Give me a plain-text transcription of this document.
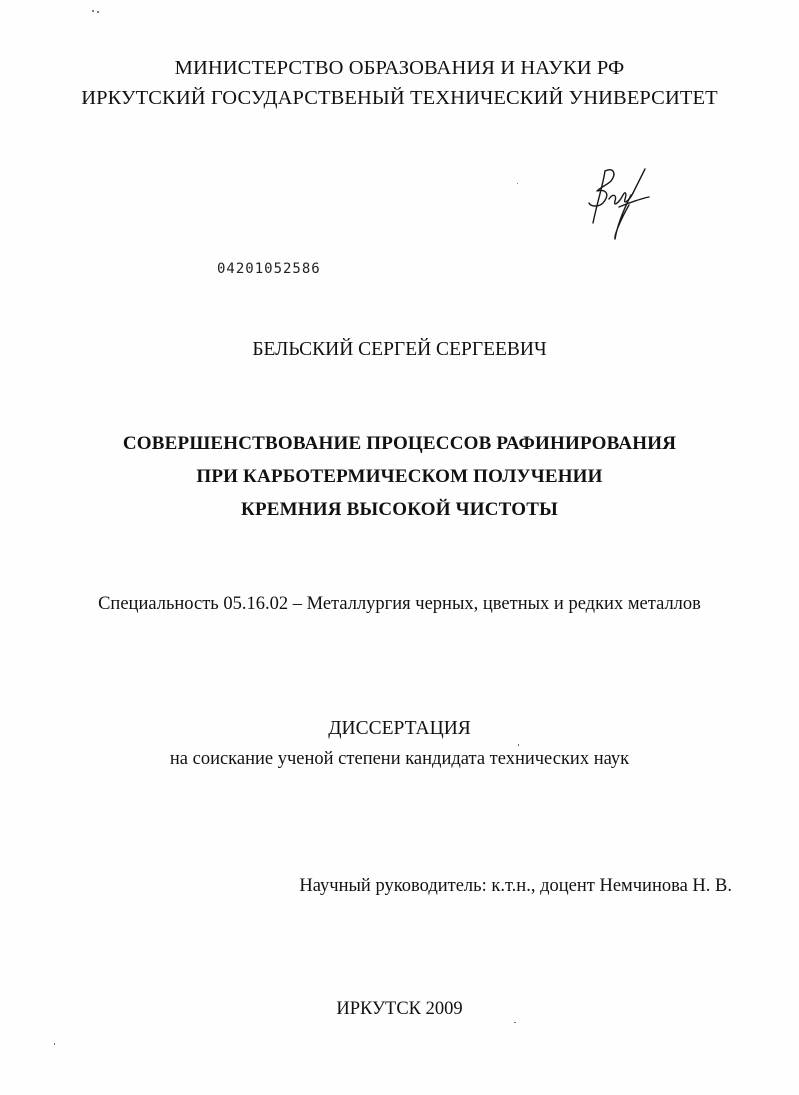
МИНИСТЕРСТВО ОБРАЗОВАНИЯ И НАУКИ РФ
ИРКУТСКИЙ ГОСУДАРСТВЕНЫЙ ТЕХНИЧЕСКИЙ УНИВЕРСИТЕТ
04201052586
БЕЛЬСКИЙ СЕРГЕЙ СЕРГЕЕВИЧ
СОВЕРШЕНСТВОВАНИЕ ПРОЦЕССОВ РАФИНИРОВАНИЯ
ПРИ КАРБОТЕРМИЧЕСКОМ ПОЛУЧЕНИИ
КРЕМНИЯ ВЫСОКОЙ ЧИСТОТЫ
Специальность 05.16.02 – Металлургия черных, цветных и редких металлов
ДИССЕРТАЦИЯ
на соискание ученой степени кандидата технических наук
Научный руководитель: к.т.н., доцент Немчинова Н. В.
ИРКУТСК 2009
